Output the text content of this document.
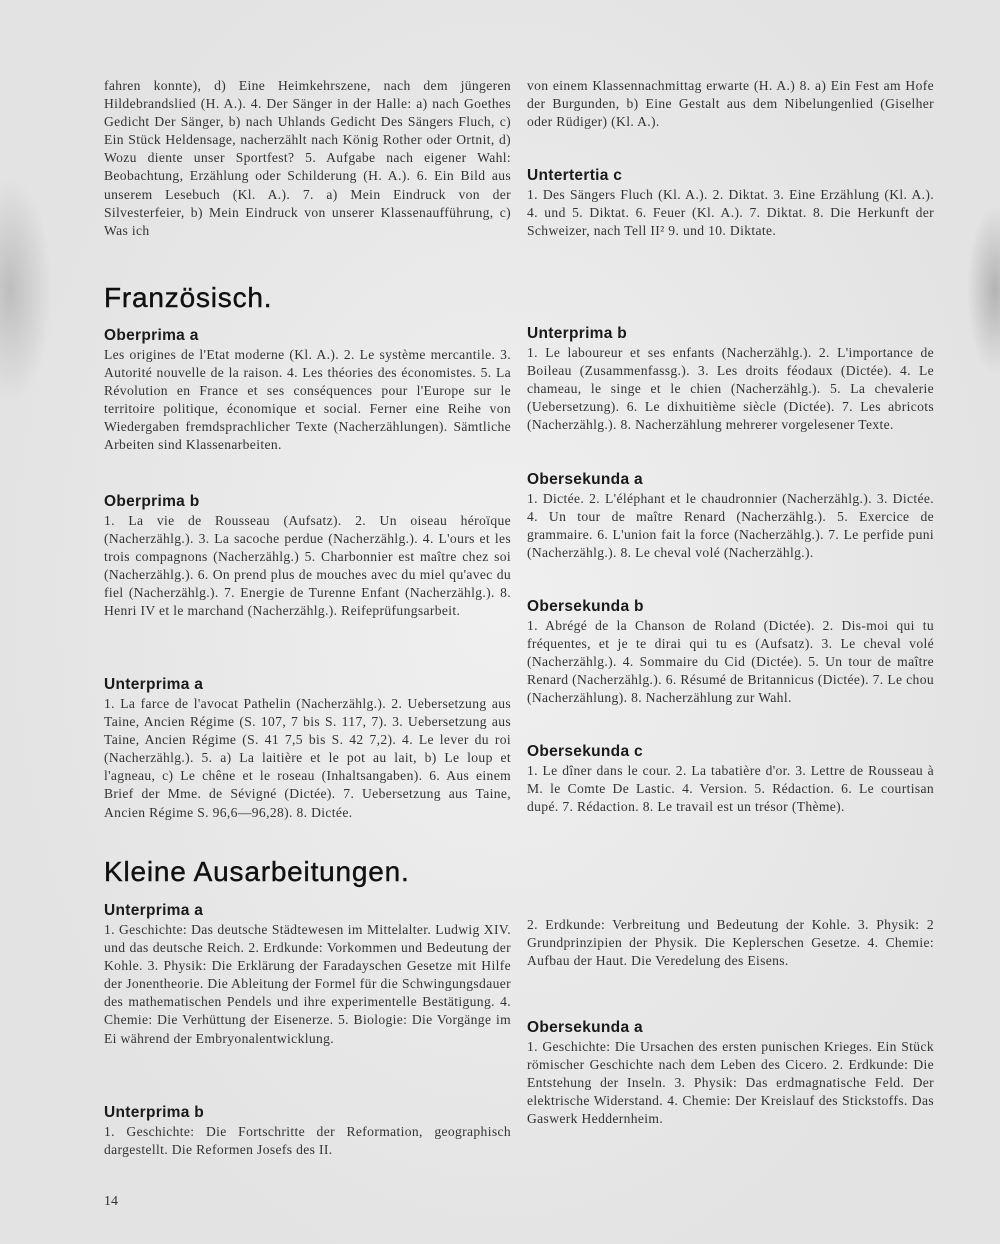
fahren konnte), d) Eine Heimkehrszene, nach dem jüngeren Hildebrandslied (H. A.). 4. Der Sänger in der Halle: a) nach Goethes Gedicht Der Sänger, b) nach Uhlands Gedicht Des Sängers Fluch, c) Ein Stück Heldensage, nacherzählt nach König Rother oder Ortnit, d) Wozu diente unser Sportfest? 5. Aufgabe nach eigener Wahl: Beobachtung, Erzählung oder Schilderung (H. A.). 6. Ein Bild aus unserem Lesebuch (Kl. A.). 7. a) Mein Eindruck von der Silvesterfeier, b) Mein Eindruck von unserer Klassenaufführung, c) Was ich

von einem Klassennachmittag erwarte (H. A.) 8. a) Ein Fest am Hofe der Burgunden, b) Eine Gestalt aus dem Nibelungenlied (Giselher oder Rüdiger) (Kl. A.).

Untertertia c

1. Des Sängers Fluch (Kl. A.). 2. Diktat. 3. Eine Erzählung (Kl. A.). 4. und 5. Diktat. 6. Feuer (Kl. A.). 7. Diktat. 8. Die Herkunft der Schweizer, nach Tell II² 9. und 10. Diktate.

Französisch.
Oberprima a

Les origines de l'Etat moderne (Kl. A.). 2. Le système mercantile. 3. Autorité nouvelle de la raison. 4. Les théories des économistes. 5. La Révolution en France et ses conséquences pour l'Europe sur le territoire politique, économique et social. Ferner eine Reihe von Wiedergaben fremdsprachlicher Texte (Nacherzählungen). Sämtliche Arbeiten sind Klassenarbeiten.

Oberprima b

1. La vie de Rousseau (Aufsatz). 2. Un oiseau héroïque (Nacherzählg.). 3. La sacoche perdue (Nacherzählg.). 4. L'ours et les trois compagnons (Nacherzählg.) 5. Charbonnier est maître chez soi (Nacherzählg.). 6. On prend plus de mouches avec du miel qu'avec du fiel (Nacherzählg.). 7. Energie de Turenne Enfant (Nacherzählg.). 8. Henri IV et le marchand (Nacherzählg.). Reifeprüfungsarbeit.

Unterprima a

1. La farce de l'avocat Pathelin (Nacherzählg.). 2. Uebersetzung aus Taine, Ancien Régime (S. 107, 7 bis S. 117, 7). 3. Uebersetzung aus Taine, Ancien Régime (S. 41 7,5 bis S. 42 7,2). 4. Le lever du roi (Nacherzählg.). 5. a) La laitière et le pot au lait, b) Le loup et l'agneau, c) Le chêne et le roseau (Inhaltsangaben). 6. Aus einem Brief der Mme. de Sévigné (Dictée). 7. Uebersetzung aus Taine, Ancien Régime S. 96,6—96,28). 8. Dictée.

Unterprima b

1. Le laboureur et ses enfants (Nacherzählg.). 2. L'importance de Boileau (Zusammenfassg.). 3. Les droits féodaux (Dictée). 4. Le chameau, le singe et le chien (Nacherzählg.). 5. La chevalerie (Uebersetzung). 6. Le dixhuitième siècle (Dictée). 7. Les abricots (Nacherzählg.). 8. Nacherzählung mehrerer vorgelesener Texte.

Obersekunda a

1. Dictée. 2. L'éléphant et le chaudronnier (Nacherzählg.). 3. Dictée. 4. Un tour de maître Renard (Nacherzählg.). 5. Exercice de grammaire. 6. L'union fait la force (Nacherzählg.). 7. Le perfide puni (Nacherzählg.). 8. Le cheval volé (Nacherzählg.).

Obersekunda b

1. Abrégé de la Chanson de Roland (Dictée). 2. Dis-moi qui tu fréquentes, et je te dirai qui tu es (Aufsatz). 3. Le cheval volé (Nacherzählg.). 4. Sommaire du Cid (Dictée). 5. Un tour de maître Renard (Nacherzählg.). 6. Résumé de Britannicus (Dictée). 7. Le chou (Nacherzählung). 8. Nacherzählung zur Wahl.

Obersekunda c

1. Le dîner dans le cour. 2. La tabatière d'or. 3. Lettre de Rousseau à M. le Comte De Lastic. 4. Version. 5. Rédaction. 6. Le courtisan dupé. 7. Rédaction. 8. Le travail est un trésor (Thème).

Kleine Ausarbeitungen.
Unterprima a

1. Geschichte: Das deutsche Städtewesen im Mittelalter. Ludwig XIV. und das deutsche Reich. 2. Erdkunde: Vorkommen und Bedeutung der Kohle. 3. Physik: Die Erklärung der Faradayschen Gesetze mit Hilfe der Jonentheorie. Die Ableitung der Formel für die Schwingungsdauer des mathematischen Pendels und ihre experimentelle Bestätigung. 4. Chemie: Die Verhüttung der Eisenerze. 5. Biologie: Die Vorgänge im Ei während der Embryonalentwicklung.

Unterprima b

1. Geschichte: Die Fortschritte der Reformation, geographisch dargestellt. Die Reformen Josefs des II.

2. Erdkunde: Verbreitung und Bedeutung der Kohle. 3. Physik: 2 Grundprinzipien der Physik. Die Keplerschen Gesetze. 4. Chemie: Aufbau der Haut. Die Veredelung des Eisens.

Obersekunda a

1. Geschichte: Die Ursachen des ersten punischen Krieges. Ein Stück römischer Geschichte nach dem Leben des Cicero. 2. Erdkunde: Die Entstehung der Inseln. 3. Physik: Das erdmagnatische Feld. Der elektrische Widerstand. 4. Chemie: Der Kreislauf des Stickstoffs. Das Gaswerk Heddernheim.

14
